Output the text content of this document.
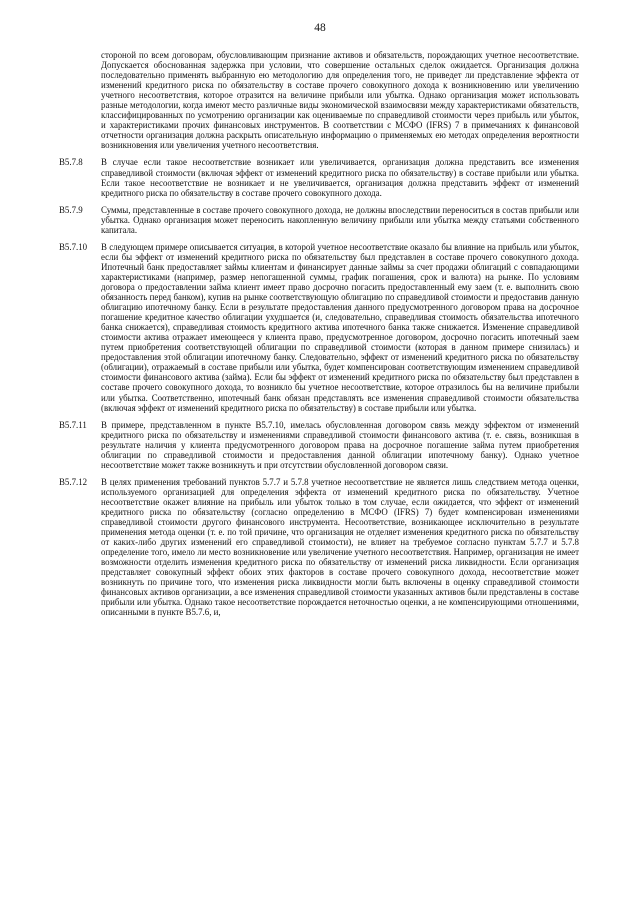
48
стороной по всем договорам, обусловливающим признание активов и обязательств, порождающих учетное несоответствие. Допускается обоснованная задержка при условии, что совершение остальных сделок ожидается. Организация должна последовательно применять выбранную ею методологию для определения того, не приведет ли представление эффекта от изменений кредитного риска по обязательству в составе прочего совокупного дохода к возникновению или увеличению учетного несоответствия, которое отразится на величине прибыли или убытка. Однако организация может использовать разные методологии, когда имеют место различные виды экономической взаимосвязи между характеристиками обязательств, классифицированных по усмотрению организации как оцениваемые по справедливой стоимости через прибыль или убыток, и характеристиками прочих финансовых инструментов. В соответствии с МСФО (IFRS) 7 в примечаниях к финансовой отчетности организация должна раскрыть описательную информацию о применяемых ею методах определения вероятности возникновения или увеличения учетного несоответствия.
B5.7.8	В случае если такое несоответствие возникает или увеличивается, организация должна представить все изменения справедливой стоимости (включая эффект от изменений кредитного риска по обязательству) в составе прибыли или убытка. Если такое несоответствие не возникает и не увеличивается, организация должна представить эффект от изменений кредитного риска по обязательству в составе прочего совокупного дохода.
B5.7.9	Суммы, представленные в составе прочего совокупного дохода, не должны впоследствии переноситься в состав прибыли или убытка. Однако организация может переносить накопленную величину прибыли или убытка между статьями собственного капитала.
B5.7.10	В следующем примере описывается ситуация, в которой учетное несоответствие оказало бы влияние на прибыль или убыток, если бы эффект от изменений кредитного риска по обязательству был представлен в составе прочего совокупного дохода. Ипотечный банк предоставляет займы клиентам и финансирует данные займы за счет продажи облигаций с совпадающими характеристиками (например, размер непогашенной суммы, график погашения, срок и валюта) на рынке. По условиям договора о предоставлении займа клиент имеет право досрочно погасить предоставленный ему заем (т. е. выполнить свою обязанность перед банком), купив на рынке соответствующую облигацию по справедливой стоимости и предоставив данную облигацию ипотечному банку. Если в результате предоставления данного предусмотренного договором права на досрочное погашение кредитное качество облигации ухудшается (и, следовательно, справедливая стоимость обязательства ипотечного банка снижается), справедливая стоимость кредитного актива ипотечного банка также снижается. Изменение справедливой стоимости актива отражает имеющееся у клиента право, предусмотренное договором, досрочно погасить ипотечный заем путем приобретения соответствующей облигации по справедливой стоимости (которая в данном примере снизилась) и предоставления этой облигации ипотечному банку. Следовательно, эффект от изменений кредитного риска по обязательству (облигации), отражаемый в составе прибыли или убытка, будет компенсирован соответствующим изменением справедливой стоимости финансового актива (займа). Если бы эффект от изменений кредитного риска по обязательству был представлен в составе прочего совокупного дохода, то возникло бы учетное несоответствие, которое отразилось бы на величине прибыли или убытка. Соответственно, ипотечный банк обязан представлять все изменения справедливой стоимости обязательства (включая эффект от изменений кредитного риска по обязательству) в составе прибыли или убытка.
B5.7.11	В примере, представленном в пункте B5.7.10, имелась обусловленная договором связь между эффектом от изменений кредитного риска по обязательству и изменениями справедливой стоимости финансового актива (т. е. связь, возникшая в результате наличия у клиента предусмотренного договором права на досрочное погашение займа путем приобретения облигации по справедливой стоимости и предоставления данной облигации ипотечному банку). Однако учетное несоответствие может также возникнуть и при отсутствии обусловленной договором связи.
B5.7.12	В целях применения требований пунктов 5.7.7 и 5.7.8 учетное несоответствие не является лишь следствием метода оценки, используемого организацией для определения эффекта от изменений кредитного риска по обязательству. Учетное несоответствие окажет влияние на прибыль или убыток только в том случае, если ожидается, что эффект от изменений кредитного риска по обязательству (согласно определению в МСФО (IFRS) 7) будет компенсирован изменениями справедливой стоимости другого финансового инструмента. Несоответствие, возникающее исключительно в результате применения метода оценки (т. е. по той причине, что организация не отделяет изменения кредитного риска по обязательству от каких-либо других изменений его справедливой стоимости), не влияет на требуемое согласно пунктам 5.7.7 и 5.7.8 определение того, имело ли место возникновение или увеличение учетного несоответствия. Например, организация не имеет возможности отделить изменения кредитного риска по обязательству от изменений риска ликвидности. Если организация представляет совокупный эффект обоих этих факторов в составе прочего совокупного дохода, несоответствие может возникнуть по причине того, что изменения риска ликвидности могли быть включены в оценку справедливой стоимости финансовых активов организации, а все изменения справедливой стоимости указанных активов были представлены в составе прибыли или убытка. Однако такое несоответствие порождается неточностью оценки, а не компенсирующими отношениями, описанными в пункте B5.7.6, и,
